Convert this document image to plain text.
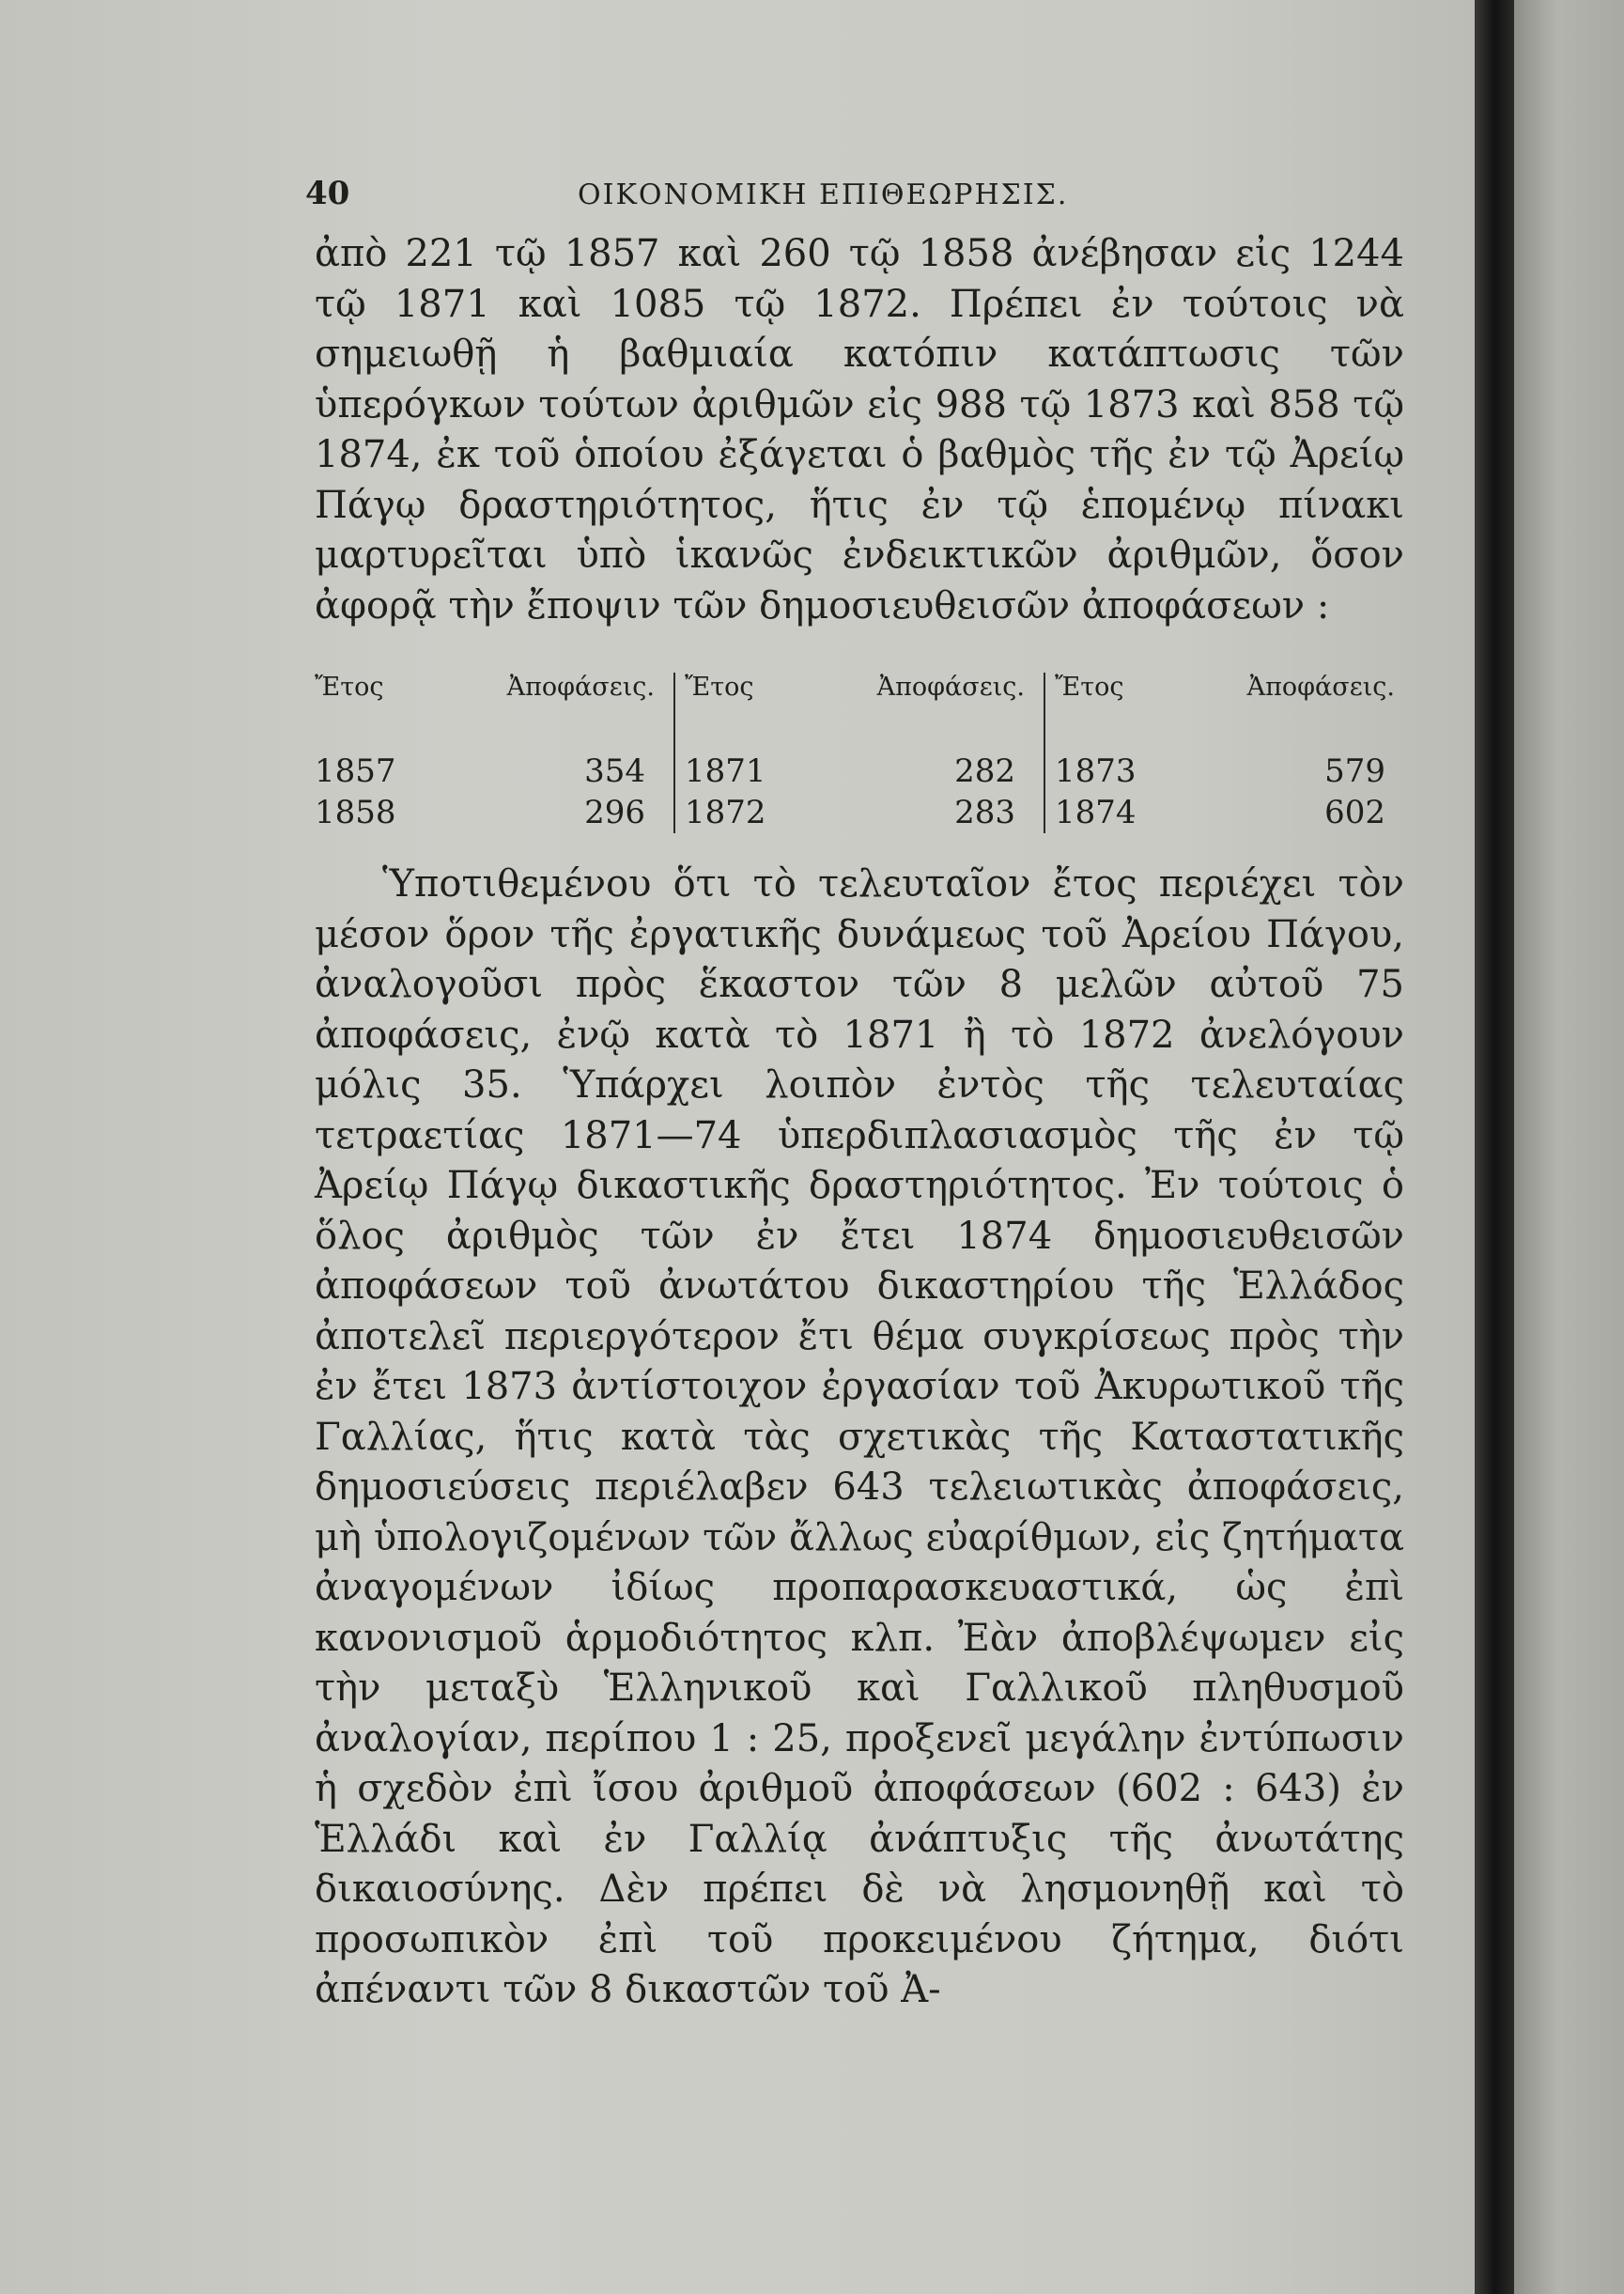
40	ΟΙΚΟΝΟΜΙΚΗ ΕΠΙΘΕΩΡΗΣΙΣ.

ἀπὸ 221 τῷ 1857 καὶ 260 τῷ 1858 ἀνέβησαν εἰς 1244 τῷ 1871 καὶ 1085 τῷ 1872. Πρέπει ἐν τούτοις νὰ σημειωθῇ ἡ βαθμιαία κατόπιν κατάπτωσις τῶν ὑπερόγκων τούτων ἀριθμῶν εἰς 988 τῷ 1873 καὶ 858 τῷ 1874, ἐκ τοῦ ὁποίου ἐξάγεται ὁ βαθμὸς τῆς ἐν τῷ Ἀρείῳ Πάγῳ δραστηριότητος, ἥτις ἐν τῷ ἑπομένῳ πίνακι μαρτυρεῖται ὑπὸ ἱκανῶς ἐνδεικτικῶν ἀριθμῶν, ὅσον ἀφορᾷ τὴν ἔποψιν τῶν δημοσιευθεισῶν ἀποφάσεων :

Ἔτος	Ἀποφάσεις.
1857	354
1858	296
Ἔτος	Ἀποφάσεις.
1871	282
1872	283
Ἔτος	Ἀποφάσεις.
1873	579
1874	602

Ὑποτιθεμένου ὅτι τὸ τελευταῖον ἔτος περιέχει τὸν μέσον ὅρον τῆς ἐργατικῆς δυνάμεως τοῦ Ἀρείου Πάγου, ἀναλογοῦσι πρὸς ἕκαστον τῶν 8 μελῶν αὐτοῦ 75 ἀποφάσεις, ἐνῷ κατὰ τὸ 1871 ἢ τὸ 1872 ἀνελόγουν μόλις 35. Ὑπάρχει λοιπὸν ἐντὸς τῆς τελευταίας τετραετίας 1871—74 ὑπερδιπλασιασμὸς τῆς ἐν τῷ Ἀρείῳ Πάγῳ δικαστικῆς δραστηριότητος. Ἐν τούτοις ὁ ὅλος ἀριθμὸς τῶν ἐν ἔτει 1874 δημοσιευθεισῶν ἀποφάσεων τοῦ ἀνωτάτου δικαστηρίου τῆς Ἑλλάδος ἀποτελεῖ περιεργότερον ἔτι θέμα συγκρίσεως πρὸς τὴν ἐν ἔτει 1873 ἀντίστοιχον ἐργασίαν τοῦ Ἀκυρωτικοῦ τῆς Γαλλίας, ἥτις κατὰ τὰς σχετικὰς τῆς Καταστατικῆς δημοσιεύσεις περιέλαβεν 643 τελειωτικὰς ἀποφάσεις, μὴ ὑπολογιζομένων τῶν ἄλλως εὐαρίθμων, εἰς ζητήματα ἀναγομένων ἰδίως προπαρασκευαστικά, ὡς ἐπὶ κανονισμοῦ ἁρμοδιότητος κλπ. Ἐὰν ἀποβλέψωμεν εἰς τὴν μεταξὺ Ἑλληνικοῦ καὶ Γαλλικοῦ πληθυσμοῦ ἀναλογίαν, περίπου 1 : 25, προξενεῖ μεγάλην ἐντύπωσιν ἡ σχεδὸν ἐπὶ ἴσου ἀριθμοῦ ἀποφάσεων (602 : 643) ἐν Ἑλλάδι καὶ ἐν Γαλλίᾳ ἀνάπτυξις τῆς ἀνωτάτης δικαιοσύνης. Δὲν πρέπει δὲ νὰ λησμονηθῇ καὶ τὸ προσωπικὸν ἐπὶ τοῦ προκειμένου ζήτημα, διότι ἀπέναντι τῶν 8 δικαστῶν τοῦ Ἀ-
